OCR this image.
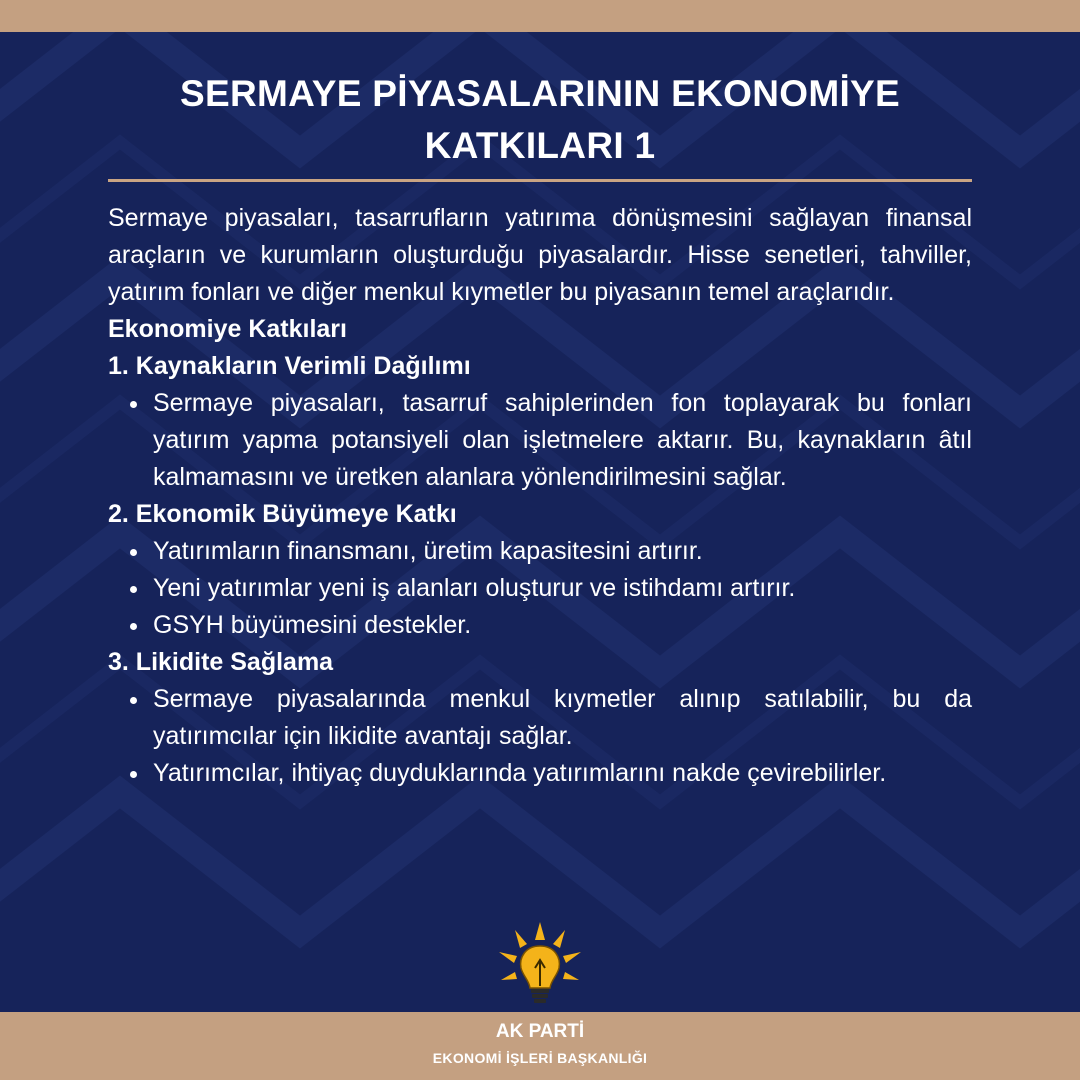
SERMAYE PİYASALARININ EKONOMİYE
KATKILARI 1

Sermaye piyasaları, tasarrufların yatırıma dönüşmesini sağlayan finansal araçların ve kurumların oluşturduğu piyasalardır. Hisse senetleri, tahviller, yatırım fonları ve diğer menkul kıymetler bu piyasanın temel araçlarıdır.

Ekonomiye Katkıları
1. Kaynakların Verimli Dağılımı
Sermaye piyasaları, tasarruf sahiplerinden fon toplayarak bu fonları yatırım yapma potansiyeli olan işletmelere aktarır. Bu, kaynakların âtıl kalmamasını ve üretken alanlara yönlendirilmesini sağlar.
2. Ekonomik Büyümeye Katkı
Yatırımların finansmanı, üretim kapasitesini artırır.
Yeni yatırımlar yeni iş alanları oluşturur ve istihdamı artırır.
GSYH büyümesini destekler.
3. Likidite Sağlama
Sermaye piyasalarında menkul kıymetler alınıp satılabilir, bu da yatırımcılar için likidite avantajı sağlar.
Yatırımcılar, ihtiyaç duyduklarında yatırımlarını nakde çevirebilirler.
AK PARTİ
EKONOMİ İŞLERİ BAŞKANLIĞI
